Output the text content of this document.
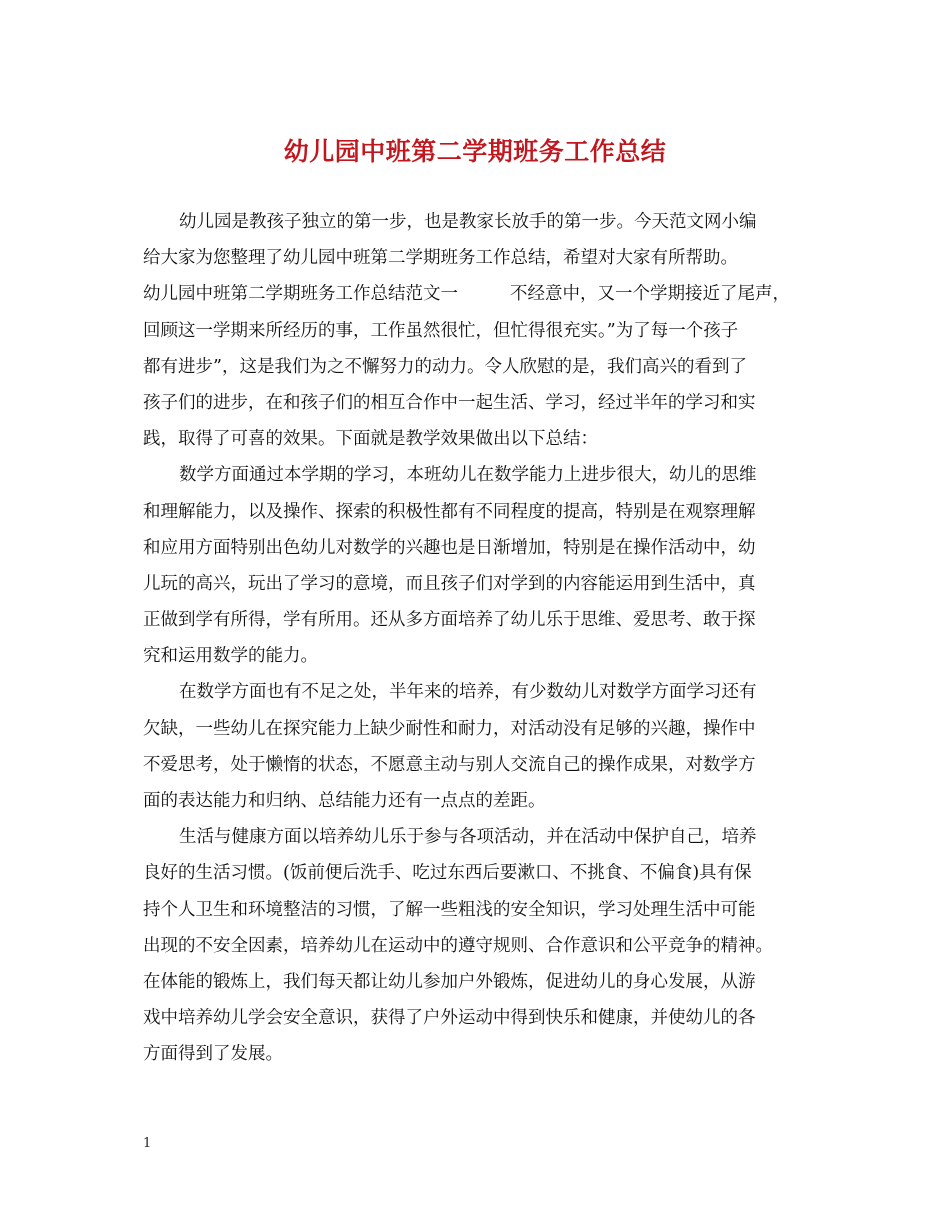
幼儿园中班第二学期班务工作总结
幼儿园是教孩子独立的第一步，也是教家长放手的第一步。今天范文网小编
给大家为您整理了幼儿园中班第二学期班务工作总结，希望对大家有所帮助。
幼儿园中班第二学期班务工作总结范文一	不经意中，又一个学期接近了尾声，
回顾这一学期来所经历的事，工作虽然很忙，但忙得很充实。”为了每一个孩子
都有进步”，这是我们为之不懈努力的动力。令人欣慰的是，我们高兴的看到了
孩子们的进步，在和孩子们的相互合作中一起生活、学习，经过半年的学习和实
践，取得了可喜的效果。下面就是教学效果做出以下总结：
数学方面通过本学期的学习，本班幼儿在数学能力上进步很大，幼儿的思维
和理解能力，以及操作、探索的积极性都有不同程度的提高，特别是在观察理解
和应用方面特别出色幼儿对数学的兴趣也是日渐增加，特别是在操作活动中，幼
儿玩的高兴，玩出了学习的意境，而且孩子们对学到的内容能运用到生活中，真
正做到学有所得，学有所用。还从多方面培养了幼儿乐于思维、爱思考、敢于探
究和运用数学的能力。
在数学方面也有不足之处，半年来的培养，有少数幼儿对数学方面学习还有
欠缺，一些幼儿在探究能力上缺少耐性和耐力，对活动没有足够的兴趣，操作中
不爱思考，处于懒惰的状态，不愿意主动与别人交流自己的操作成果，对数学方
面的表达能力和归纳、总结能力还有一点点的差距。
生活与健康方面以培养幼儿乐于参与各项活动，并在活动中保护自己，培养
良好的生活习惯。(饭前便后洗手、吃过东西后要漱口、不挑食、不偏食)具有保
持个人卫生和环境整洁的习惯，了解一些粗浅的安全知识，学习处理生活中可能
出现的不安全因素，培养幼儿在运动中的遵守规则、合作意识和公平竞争的精神。
在体能的锻炼上，我们每天都让幼儿参加户外锻炼，促进幼儿的身心发展，从游
戏中培养幼儿学会安全意识，获得了户外运动中得到快乐和健康，并使幼儿的各
方面得到了发展。
1
